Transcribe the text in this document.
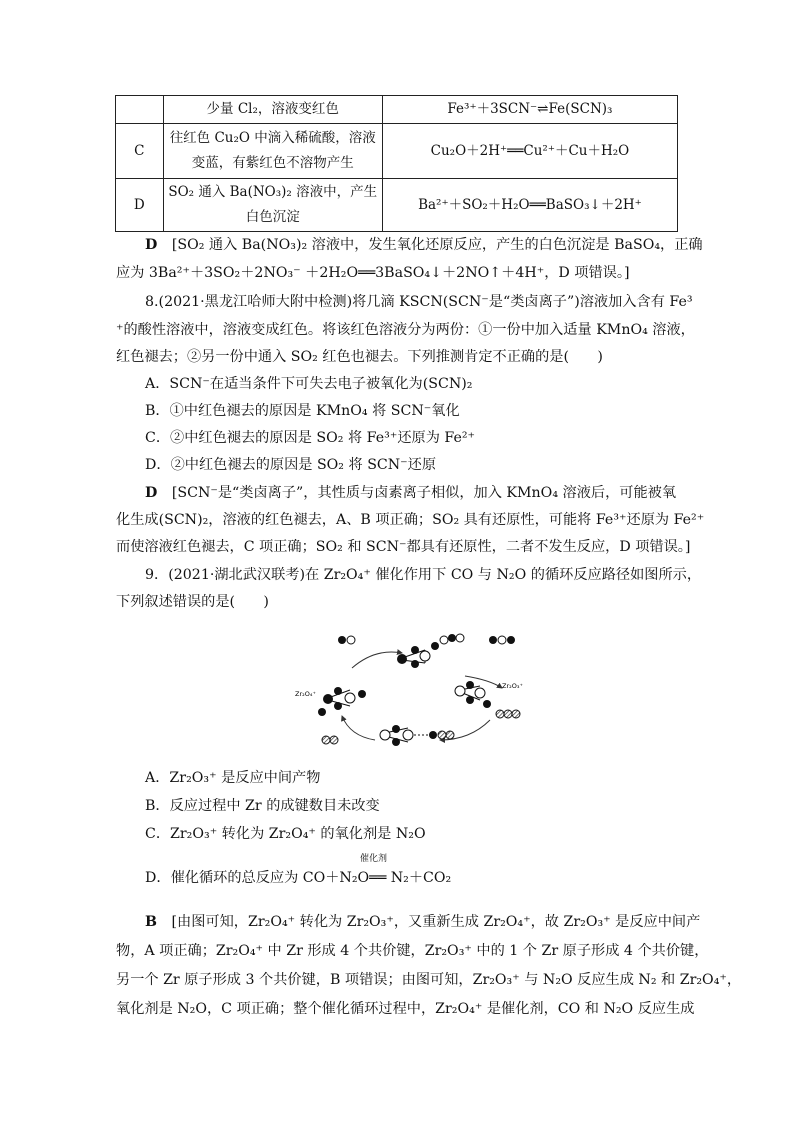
	少量 Cl₂，溶液变红色	Fe³⁺＋3SCN⁻⇌Fe(SCN)₃
C	往红色 Cu₂O 中滴入稀硫酸，溶液
变蓝，有紫红色不溶物产生	Cu₂O＋2H⁺══Cu²⁺＋Cu＋H₂O
D	SO₂ 通入 Ba(NO₃)₂ 溶液中，产生
白色沉淀	Ba²⁺＋SO₂＋H₂O══BaSO₃↓＋2H⁺
D [SO₂ 通入 Ba(NO₃)₂ 溶液中，发生氧化还原反应，产生的白色沉淀是 BaSO₄，正确
应为 3Ba²⁺＋3SO₂＋2NO₃⁻ ＋2H₂O══3BaSO₄↓＋2NO↑＋4H⁺，D 项错误。]
8.(2021·黑龙江哈师大附中检测)将几滴 KSCN(SCN⁻是“类卤离子”)溶液加入含有 Fe³
⁺的酸性溶液中，溶液变成红色。将该红色溶液分为两份：①一份中加入适量 KMnO₄ 溶液，
红色褪去；②另一份中通入 SO₂ 红色也褪去。下列推测肯定不正确的是(　　)
A．SCN⁻在适当条件下可失去电子被氧化为(SCN)₂
B．①中红色褪去的原因是 KMnO₄ 将 SCN⁻氧化
C．②中红色褪去的原因是 SO₂ 将 Fe³⁺还原为 Fe²⁺
D．②中红色褪去的原因是 SO₂ 将 SCN⁻还原
D [SCN⁻是“类卤离子”，其性质与卤素离子相似，加入 KMnO₄ 溶液后，可能被氧
化生成(SCN)₂，溶液的红色褪去，A、B 项正确；SO₂ 具有还原性，可能将 Fe³⁺还原为 Fe²⁺
而使溶液红色褪去，C 项正确；SO₂ 和 SCN⁻都具有还原性，二者不发生反应，D 项错误。]
9．(2021·湖北武汉联考)在 Zr₂O₄⁺ 催化作用下 CO 与 N₂O 的循环反应路径如图所示，
下列叙述错误的是(　　)
Zr₂O₄⁺
Zr₂O₃⁺
A．Zr₂O₃⁺ 是反应中间产物
B．反应过程中 Zr 的成键数目未改变
C．Zr₂O₃⁺ 转化为 Zr₂O₄⁺ 的氧化剂是 N₂O
催化剂
D．催化循环的总反应为 CO＋N₂O══ N₂＋CO₂
B [由图可知，Zr₂O₄⁺ 转化为 Zr₂O₃⁺，又重新生成 Zr₂O₄⁺，故 Zr₂O₃⁺ 是反应中间产
物，A 项正确；Zr₂O₄⁺ 中 Zr 形成 4 个共价键，Zr₂O₃⁺ 中的 1 个 Zr 原子形成 4 个共价键，
另一个 Zr 原子形成 3 个共价键，B 项错误；由图可知，Zr₂O₃⁺ 与 N₂O 反应生成 N₂ 和 Zr₂O₄⁺，
氧化剂是 N₂O，C 项正确；整个催化循环过程中，Zr₂O₄⁺ 是催化剂，CO 和 N₂O 反应生成
